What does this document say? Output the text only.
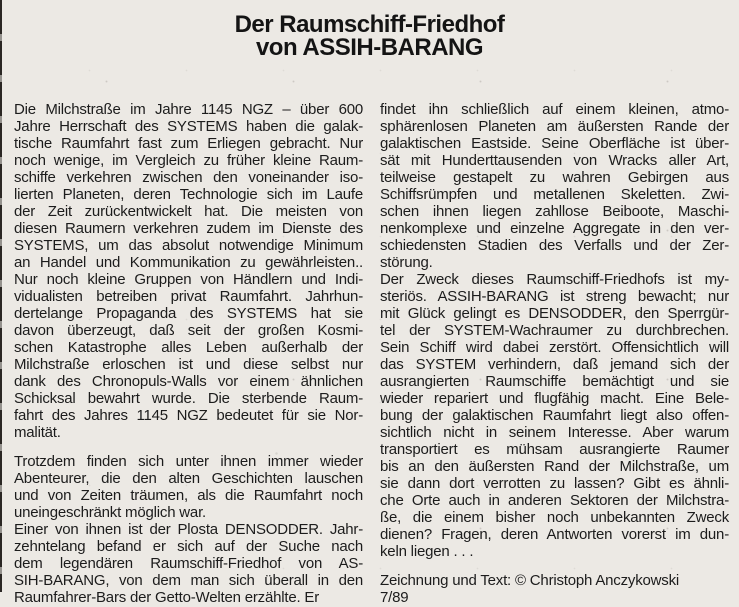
Der Raumschiff-Friedhof
von ASSIH-BARANG
Die Milchstraße im Jahre 1145 NGZ – über 600
Jahre Herrschaft des SYSTEMS haben die galak-
tische Raumfahrt fast zum Erliegen gebracht. Nur
noch wenige, im Vergleich zu früher kleine Raum-
schiffe verkehren zwischen den voneinander iso-
lierten Planeten, deren Technologie sich im Laufe
der Zeit zurückentwickelt hat. Die meisten von
diesen Raumern verkehren zudem im Dienste des
SYSTEMS, um das absolut notwendige Minimum
an Handel und Kommunikation zu gewährleisten..
Nur noch kleine Gruppen von Händlern und Indi-
vidualisten betreiben privat Raumfahrt. Jahrhun-
dertelange Propaganda des SYSTEMS hat sie
davon überzeugt, daß seit der großen Kosmi-
schen Katastrophe alles Leben außerhalb der
Milchstraße erloschen ist und diese selbst nur
dank des Chronopuls-Walls vor einem ähnlichen
Schicksal bewahrt wurde. Die sterbende Raum-
fahrt des Jahres 1145 NGZ bedeutet für sie Nor-
malität.
Trotzdem finden sich unter ihnen immer wieder
Abenteurer, die den alten Geschichten lauschen
und von Zeiten träumen, als die Raumfahrt noch
uneingeschränkt möglich war.
Einer von ihnen ist der Plosta DENSODDER. Jahr-
zehntelang befand er sich auf der Suche nach
dem legendären Raumschiff-Friedhof von AS-
SIH-BARANG, von dem man sich überall in den
Raumfahrer-Bars der Getto-Welten erzählte. Er
findet ihn schließlich auf einem kleinen, atmo-
sphärenlosen Planeten am äußersten Rande der
galaktischen Eastside. Seine Oberfläche ist über-
sät mit Hunderttausenden von Wracks aller Art,
teilweise gestapelt zu wahren Gebirgen aus
Schiffsrümpfen und metallenen Skeletten. Zwi-
schen ihnen liegen zahllose Beiboote, Maschi-
nenkomplexe und einzelne Aggregate in den ver-
schiedensten Stadien des Verfalls und der Zer-
störung.
Der Zweck dieses Raumschiff-Friedhofs ist my-
steriös. ASSIH-BARANG ist streng bewacht; nur
mit Glück gelingt es DENSODDER, den Sperrgür-
tel der SYSTEM-Wachraumer zu durchbrechen.
Sein Schiff wird dabei zerstört. Offensichtlich will
das SYSTEM verhindern, daß jemand sich der
ausrangierten Raumschiffe bemächtigt und sie
wieder repariert und flugfähig macht. Eine Bele-
bung der galaktischen Raumfahrt liegt also offen-
sichtlich nicht in seinem Interesse. Aber warum
transportiert es mühsam ausrangierte Raumer
bis an den äußersten Rand der Milchstraße, um
sie dann dort verrotten zu lassen? Gibt es ähnli-
che Orte auch in anderen Sektoren der Milchstra-
ße, die einem bisher noch unbekannten Zweck
dienen? Fragen, deren Antworten vorerst im dun-
keln liegen . . .
Zeichnung und Text: © Christoph Anczykowski
7/89
